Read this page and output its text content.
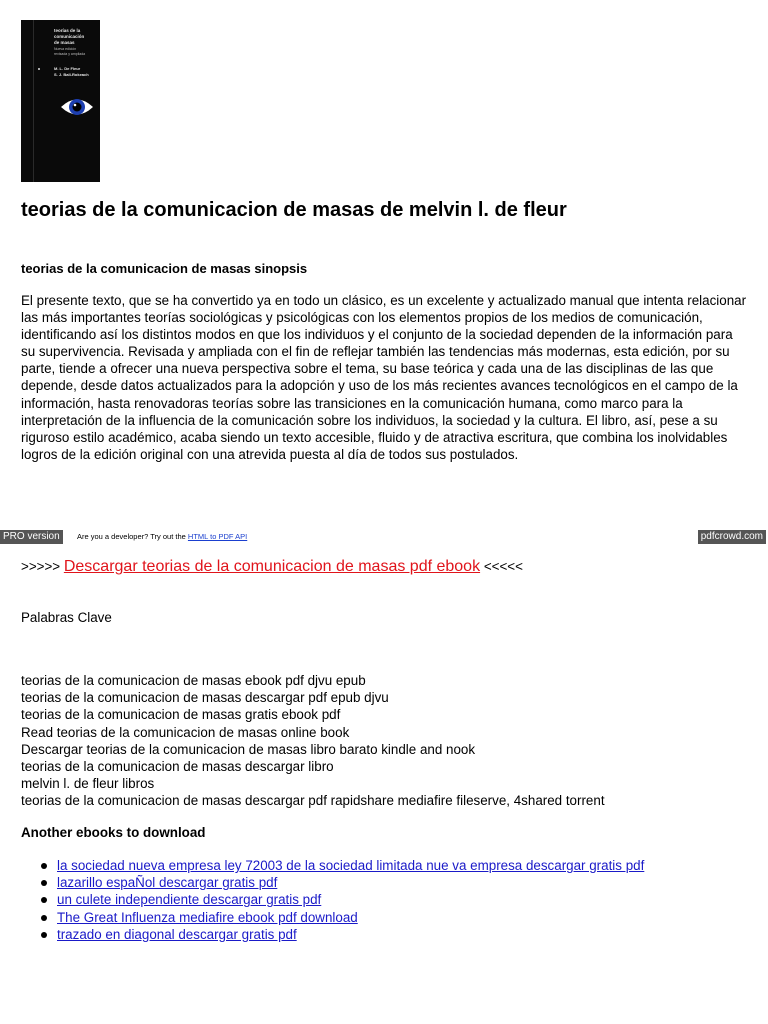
teorías de la
comunicación
de masas
Nueva edición
revisada y ampliada
M. L. De Fleur
S. J. Ball-Rokeach
teorias de la comunicacion de masas de melvin l. de fleur
teorias de la comunicacion de masas sinopsis

El presente texto, que se ha convertido ya en todo un clásico, es un excelente y actualizado manual que intenta relacionar las más importantes teorías sociológicas y psicológicas con los elementos propios de los medios de comunicación, identificando así los distintos modos en que los individuos y el conjunto de la sociedad dependen de la información para su supervivencia. Revisada y ampliada con el fin de reflejar también las tendencias más modernas, esta edición, por su parte, tiende a ofrecer una nueva perspectiva sobre el tema, su base teórica y cada una de las disciplinas de las que depende, desde datos actualizados para la adopción y uso de los más recientes avances tecnológicos en el campo de la información, hasta renovadoras teorías sobre las transiciones en la comunicación humana, como marco para la interpretación de la influencia de la comunicación sobre los individuos, la sociedad y la cultura. El libro, así, pese a su riguroso estilo académico, acaba siendo un texto accesible, fluido y de atractiva escritura, que combina los inolvidables logros de la edición original con una atrevida puesta al día de todos sus postulados.

PRO version	Are you a developer? Try out the HTML to PDF API	pdfcrowd.com
>>>>> Descargar teorias de la comunicacion de masas pdf ebook <<<<<

Palabras Clave

teorias de la comunicacion de masas ebook pdf djvu epub
teorias de la comunicacion de masas descargar pdf epub djvu
teorias de la comunicacion de masas gratis ebook pdf
Read teorias de la comunicacion de masas online book
Descargar teorias de la comunicacion de masas libro barato kindle and nook
teorias de la comunicacion de masas descargar libro
melvin l. de fleur libros
teorias de la comunicacion de masas descargar pdf rapidshare mediafire fileserve, 4shared torrent

Another ebooks to download

la sociedad nueva empresa ley 72003 de la sociedad limitada nue va empresa descargar gratis pdf
lazarillo espaÑol descargar gratis pdf
un culete independiente descargar gratis pdf
The Great Influenza mediafire ebook pdf download
trazado en diagonal descargar gratis pdf
